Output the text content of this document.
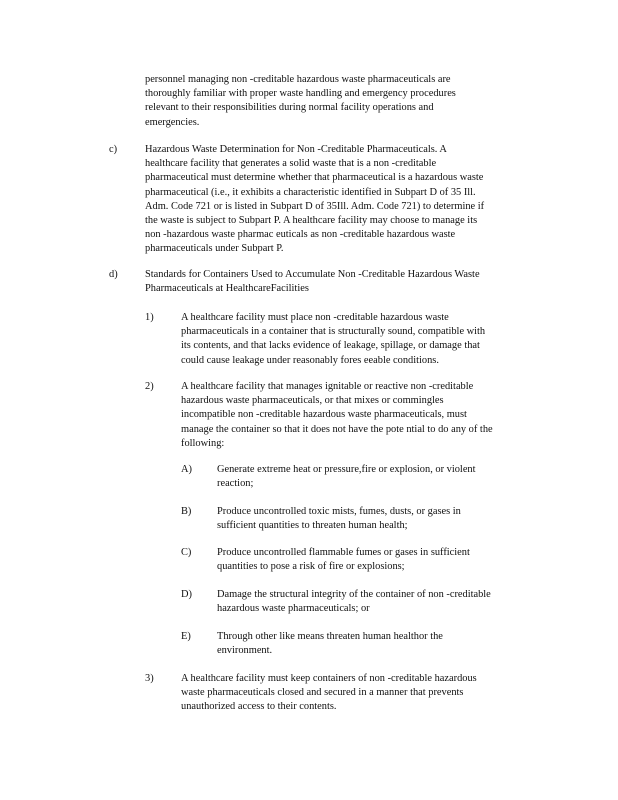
personnel managing non -creditable hazardous waste pharmaceuticals are
thoroughly familiar with proper waste handling and emergency procedures
relevant to their responsibilities during normal facility operations and
emergencies.
c)	Hazardous Waste Determination for Non -Creditable Pharmaceuticals. A
healthcare facility that generates a solid waste that is a non -creditable
pharmaceutical must determine whether that pharmaceutical is a hazardous waste
pharmaceutical (i.e., it exhibits a characteristic identified in Subpart D of 35 Ill.
Adm. Code 721 or is listed in Subpart D of 35Ill. Adm. Code 721) to determine if
the waste is subject to Subpart P. A healthcare facility may choose to manage its
non -hazardous waste pharmac euticals as non -creditable hazardous waste
pharmaceuticals under Subpart P.
d)	Standards for Containers Used to Accumulate Non -Creditable Hazardous Waste
Pharmaceuticals at HealthcareFacilities
1)	A healthcare facility must place non -creditable hazardous waste
pharmaceuticals in a container that is structurally sound, compatible with
its contents, and that lacks evidence of leakage, spillage, or damage that
could cause leakage under reasonably fores eeable conditions.
2)	A healthcare facility that manages ignitable or reactive non -creditable
hazardous waste pharmaceuticals, or that mixes or commingles
incompatible non -creditable hazardous waste pharmaceuticals, must
manage the container so that it does not have the pote ntial to do any of the
following:
A) Generate extreme heat or pressure,fire or explosion, or violent
reaction;
B) Produce uncontrolled toxic mists, fumes, dusts, or gases in
sufficient quantities to threaten human health;
C) Produce uncontrolled flammable fumes or gases in sufficient
quantities to pose a risk of fire or explosions;
D) Damage the structural integrity of the container of non -creditable
hazardous waste pharmaceuticals; or
E)	Through other like means threaten human healthor the
environment.
3)	A healthcare facility must keep containers of non -creditable hazardous
waste pharmaceuticals closed and secured in a manner that prevents
unauthorized access to their contents.
